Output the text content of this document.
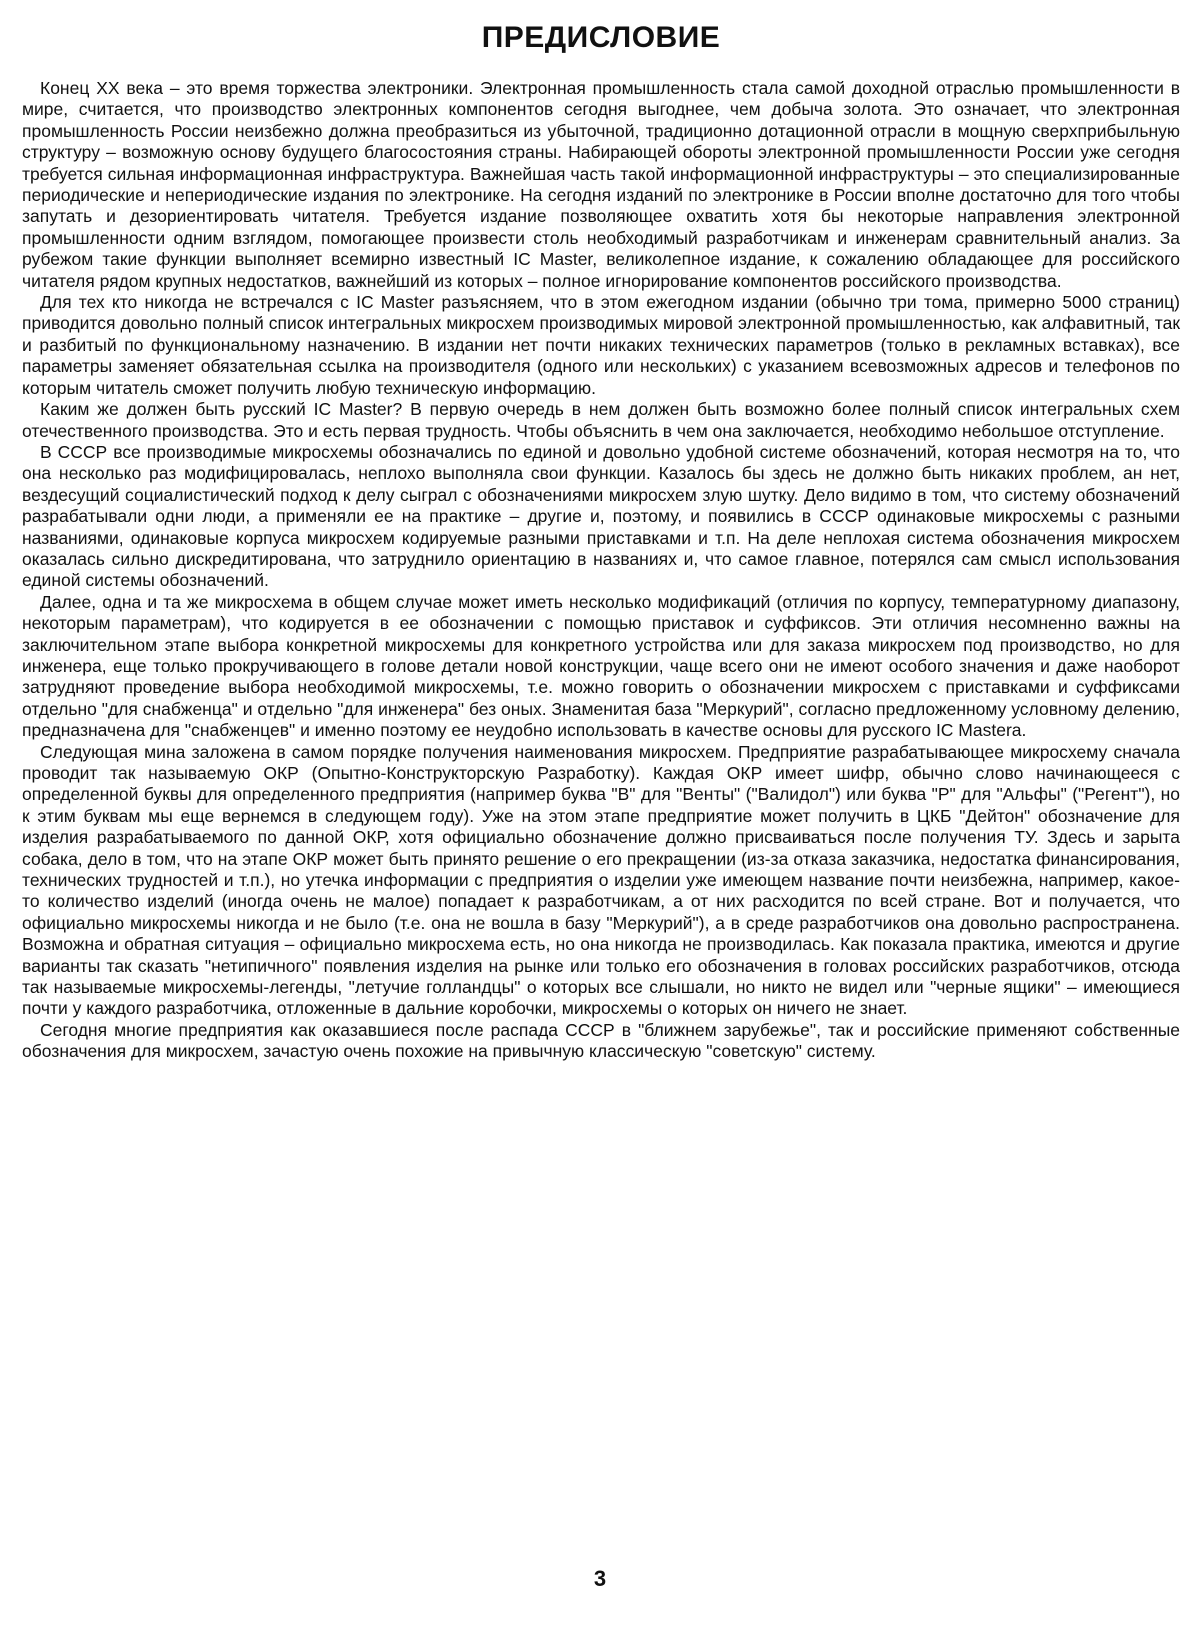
ПРЕДИСЛОВИЕ

Конец XX века – это время торжества электроники. Электронная промышленность стала самой доходной отраслью промышленности в мире, считается, что производство электронных компонентов сегодня выгоднее, чем добыча золота. Это означает, что электронная промышленность России неизбежно должна преобразиться из убыточной, традиционно дотационной отрасли в мощную сверхприбыльную структуру – возможную основу будущего благосостояния страны. Набирающей обороты электронной промышленности России уже сегодня требуется сильная информационная инфраструктура. Важнейшая часть такой информационной инфраструктуры – это специализированные периодические и непериодические издания по электронике. На сегодня изданий по электронике в России вполне достаточно для того чтобы запутать и дезориентировать читателя. Требуется издание позволяющее охватить хотя бы некоторые направления электронной промышленности одним взглядом, помогающее произвести столь необходимый разработчикам и инженерам сравнительный анализ. За рубежом такие функции выполняет всемирно известный IC Master, великолепное издание, к сожалению обладающее для российского читателя рядом крупных недостатков, важнейший из которых – полное игнорирование компонентов российского производства.

Для тех кто никогда не встречался с IC Master разъясняем, что в этом ежегодном издании (обычно три тома, примерно 5000 страниц) приводится довольно полный список интегральных микросхем производимых мировой электронной промышленностью, как алфавитный, так и разбитый по функциональному назначению. В издании нет почти никаких технических параметров (только в рекламных вставках), все параметры заменяет обязательная ссылка на производителя (одного или нескольких) с указанием всевозможных адресов и телефонов по которым читатель сможет получить любую техническую информацию.

Каким же должен быть русский IC Master? В первую очередь в нем должен быть возможно более полный список интегральных схем отечественного производства. Это и есть первая трудность. Чтобы объяснить в чем она заключается, необходимо небольшое отступление.

В СССР все производимые микросхемы обозначались по единой и довольно удобной системе обозначений, которая несмотря на то, что она несколько раз модифицировалась, неплохо выполняла свои функции. Казалось бы здесь не должно быть никаких проблем, ан нет, вездесущий социалистический подход к делу сыграл с обозначениями микросхем злую шутку. Дело видимо в том, что систему обозначений разрабатывали одни люди, а применяли ее на практике – другие и, поэтому, и появились в СССР одинаковые микросхемы с разными названиями, одинаковые корпуса микросхем кодируемые разными приставками и т.п. На деле неплохая система обозначения микросхем оказалась сильно дискредитирована, что затруднило ориентацию в названиях и, что самое главное, потерялся сам смысл использования единой системы обозначений.

Далее, одна и та же микросхема в общем случае может иметь несколько модификаций (отличия по корпусу, температурному диапазону, некоторым параметрам), что кодируется в ее обозначении с помощью приставок и суффиксов. Эти отличия несомненно важны на заключительном этапе выбора конкретной микросхемы для конкретного устройства или для заказа микросхем под производство, но для инженера, еще только прокручивающего в голове детали новой конструкции, чаще всего они не имеют особого значения и даже наоборот затрудняют проведение выбора необходимой микросхемы, т.е. можно говорить о обозначении микросхем с приставками и суффиксами отдельно "для снабженца" и отдельно "для инженера" без оных. Знаменитая база "Меркурий", согласно предложенному условному делению, предназначена для "снабженцев" и именно поэтому ее неудобно использовать в качестве основы для русского IC Mastera.

Следующая мина заложена в самом порядке получения наименования микросхем. Предприятие разрабатывающее микросхему сначала проводит так называемую ОКР (Опытно-Конструкторскую Разработку). Каждая ОКР имеет шифр, обычно слово начинающееся с определенной буквы для определенного предприятия (например буква "В" для "Венты" ("Валидол") или буква "Р" для "Альфы" ("Регент"), но к этим буквам мы еще вернемся в следующем году). Уже на этом этапе предприятие может получить в ЦКБ "Дейтон" обозначение для изделия разрабатываемого по данной ОКР, хотя официально обозначение должно присваиваться после получения ТУ. Здесь и зарыта собака, дело в том, что на этапе ОКР может быть принято решение о его прекращении (из-за отказа заказчика, недостатка финансирования, технических трудностей и т.п.), но утечка информации с предприятия о изделии уже имеющем название почти неизбежна, например, какое-то количество изделий (иногда очень не малое) попадает к разработчикам, а от них расходится по всей стране. Вот и получается, что официально микросхемы никогда и не было (т.е. она не вошла в базу "Меркурий"), а в среде разработчиков она довольно распространена. Возможна и обратная ситуация – официально микросхема есть, но она никогда не производилась. Как показала практика, имеются и другие варианты так сказать "нетипичного" появления изделия на рынке или только его обозначения в головах российских разработчиков, отсюда так называемые микросхемы-легенды, "летучие голландцы" о которых все слышали, но никто не видел или "черные ящики" – имеющиеся почти у каждого разработчика, отложенные в дальние коробочки, микросхемы о которых он ничего не знает.

Сегодня многие предприятия как оказавшиеся после распада СССР в "ближнем зарубежье", так и российские применяют собственные обозначения для микросхем, зачастую очень похожие на привычную классическую "советскую" систему.

3
